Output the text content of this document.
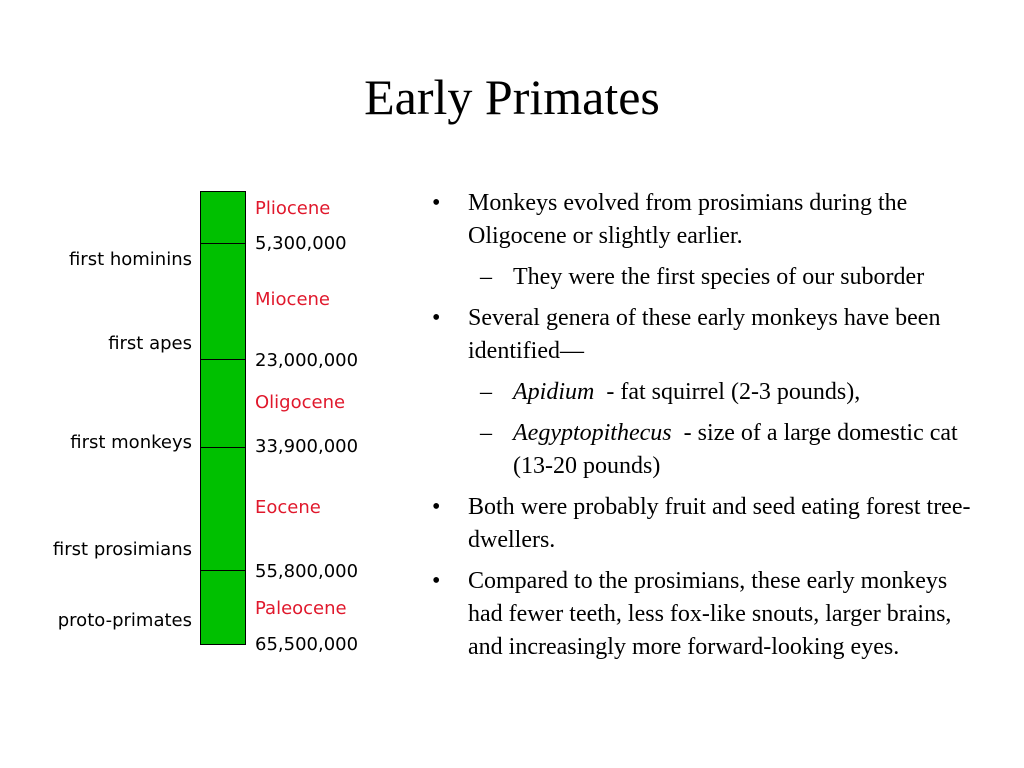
Early Primates
Pliocene
Miocene
Oligocene
Eocene
Paleocene
5,300,000
23,000,000
33,900,000
55,800,000
65,500,000
first hominins
first apes
first monkeys
first prosimians
proto-primates
• Monkeys evolved from prosimians during the Oligocene or slightly earlier.
– They were the first species of our suborder
• Several genera of these early monkeys have been identified—
– Apidium  - fat squirrel (2-3 pounds),
– Aegyptopithecus  - size of a large domestic cat (13-20 pounds)
• Both were probably fruit and seed eating forest tree-dwellers.
• Compared to the prosimians, these early monkeys had fewer teeth, less fox-like snouts, larger brains, and increasingly more forward-looking eyes.
